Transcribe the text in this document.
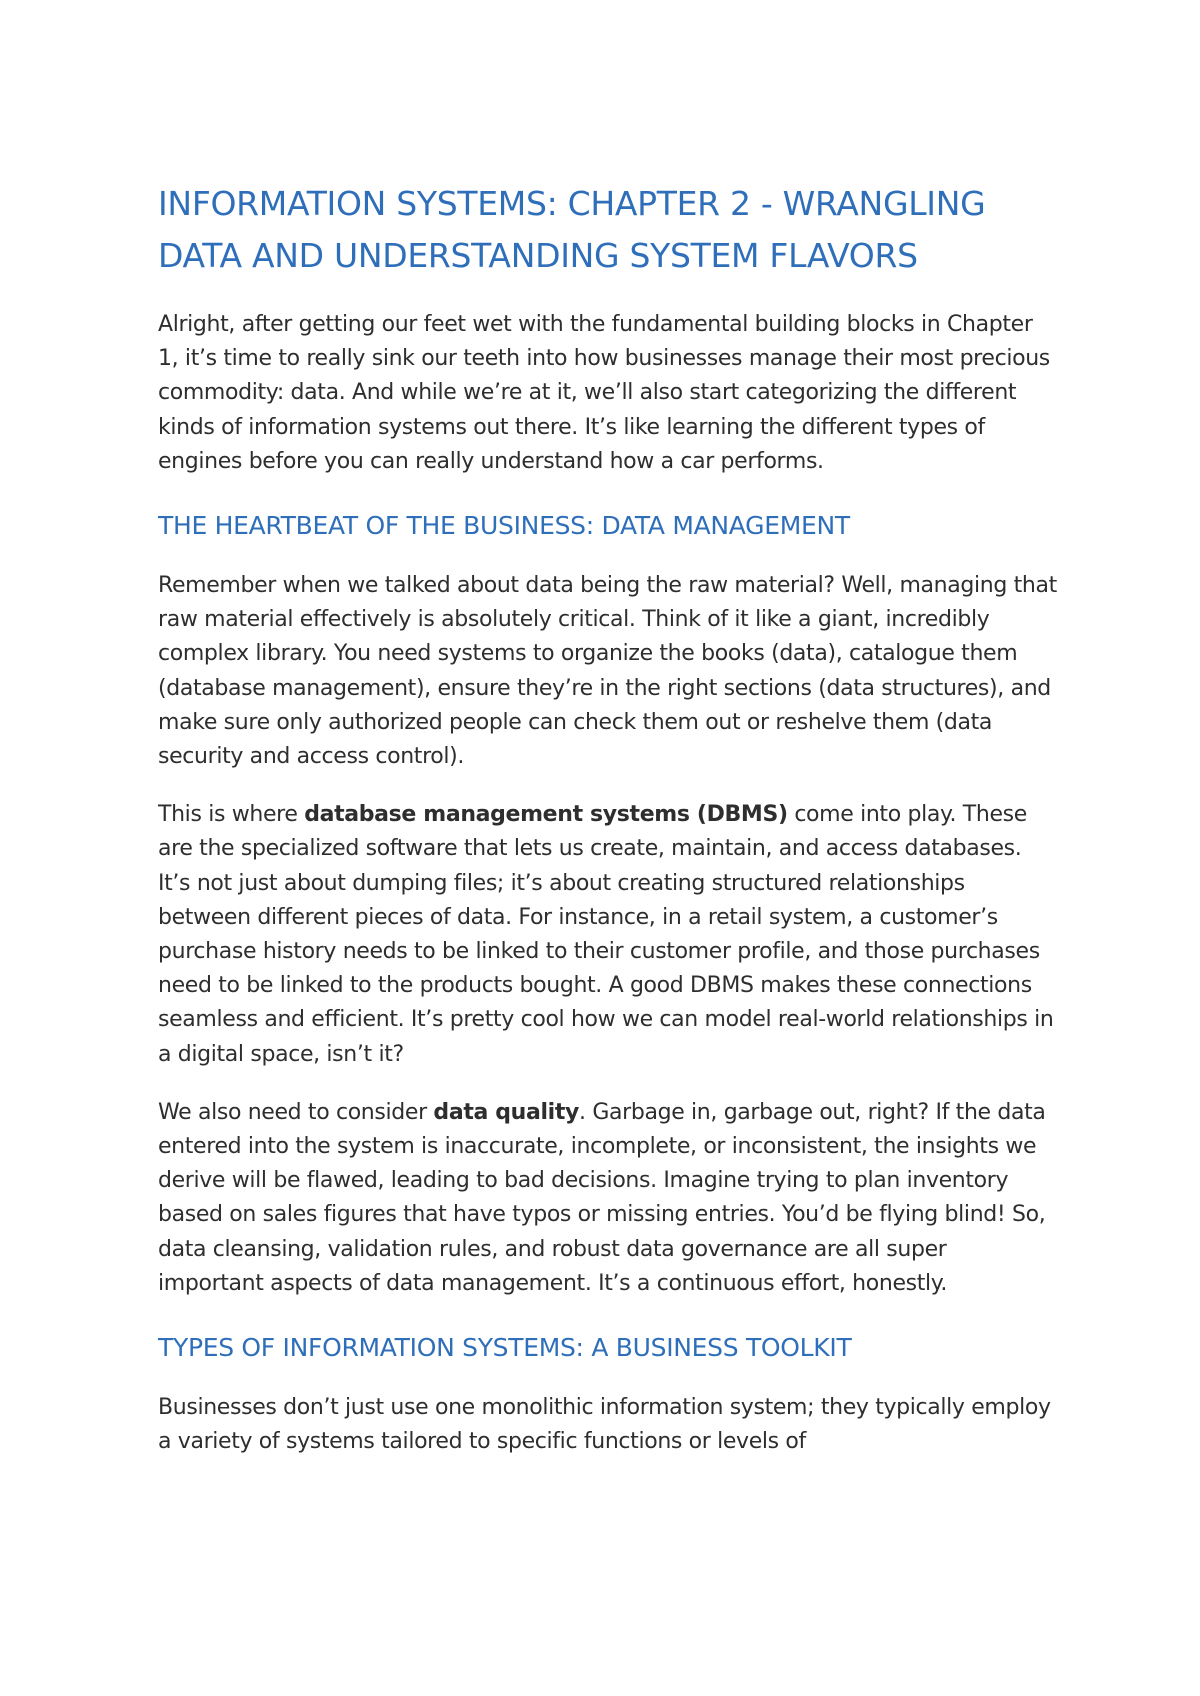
INFORMATION SYSTEMS: CHAPTER 2 - WRANGLING DATA AND UNDERSTANDING SYSTEM FLAVORS

Alright, after getting our feet wet with the fundamental building blocks in Chapter 1, it’s time to really sink our teeth into how businesses manage their most precious commodity: data. And while we’re at it, we’ll also start categorizing the different kinds of information systems out there. It’s like learning the different types of engines before you can really understand how a car performs.

THE HEARTBEAT OF THE BUSINESS: DATA MANAGEMENT

Remember when we talked about data being the raw material? Well, managing that raw material effectively is absolutely critical. Think of it like a giant, incredibly complex library. You need systems to organize the books (data), catalogue them (database management), ensure they’re in the right sections (data structures), and make sure only authorized people can check them out or reshelve them (data security and access control).

This is where database management systems (DBMS) come into play. These are the specialized software that lets us create, maintain, and access databases. It’s not just about dumping files; it’s about creating structured relationships between different pieces of data. For instance, in a retail system, a customer’s purchase history needs to be linked to their customer profile, and those purchases need to be linked to the products bought. A good DBMS makes these connections seamless and efficient. It’s pretty cool how we can model real-world relationships in a digital space, isn’t it?

We also need to consider data quality. Garbage in, garbage out, right? If the data entered into the system is inaccurate, incomplete, or inconsistent, the insights we derive will be flawed, leading to bad decisions. Imagine trying to plan inventory based on sales figures that have typos or missing entries. You’d be flying blind! So, data cleansing, validation rules, and robust data governance are all super important aspects of data management. It’s a continuous effort, honestly.

TYPES OF INFORMATION SYSTEMS: A BUSINESS TOOLKIT

Businesses don’t just use one monolithic information system; they typically employ a variety of systems tailored to specific functions or levels of
